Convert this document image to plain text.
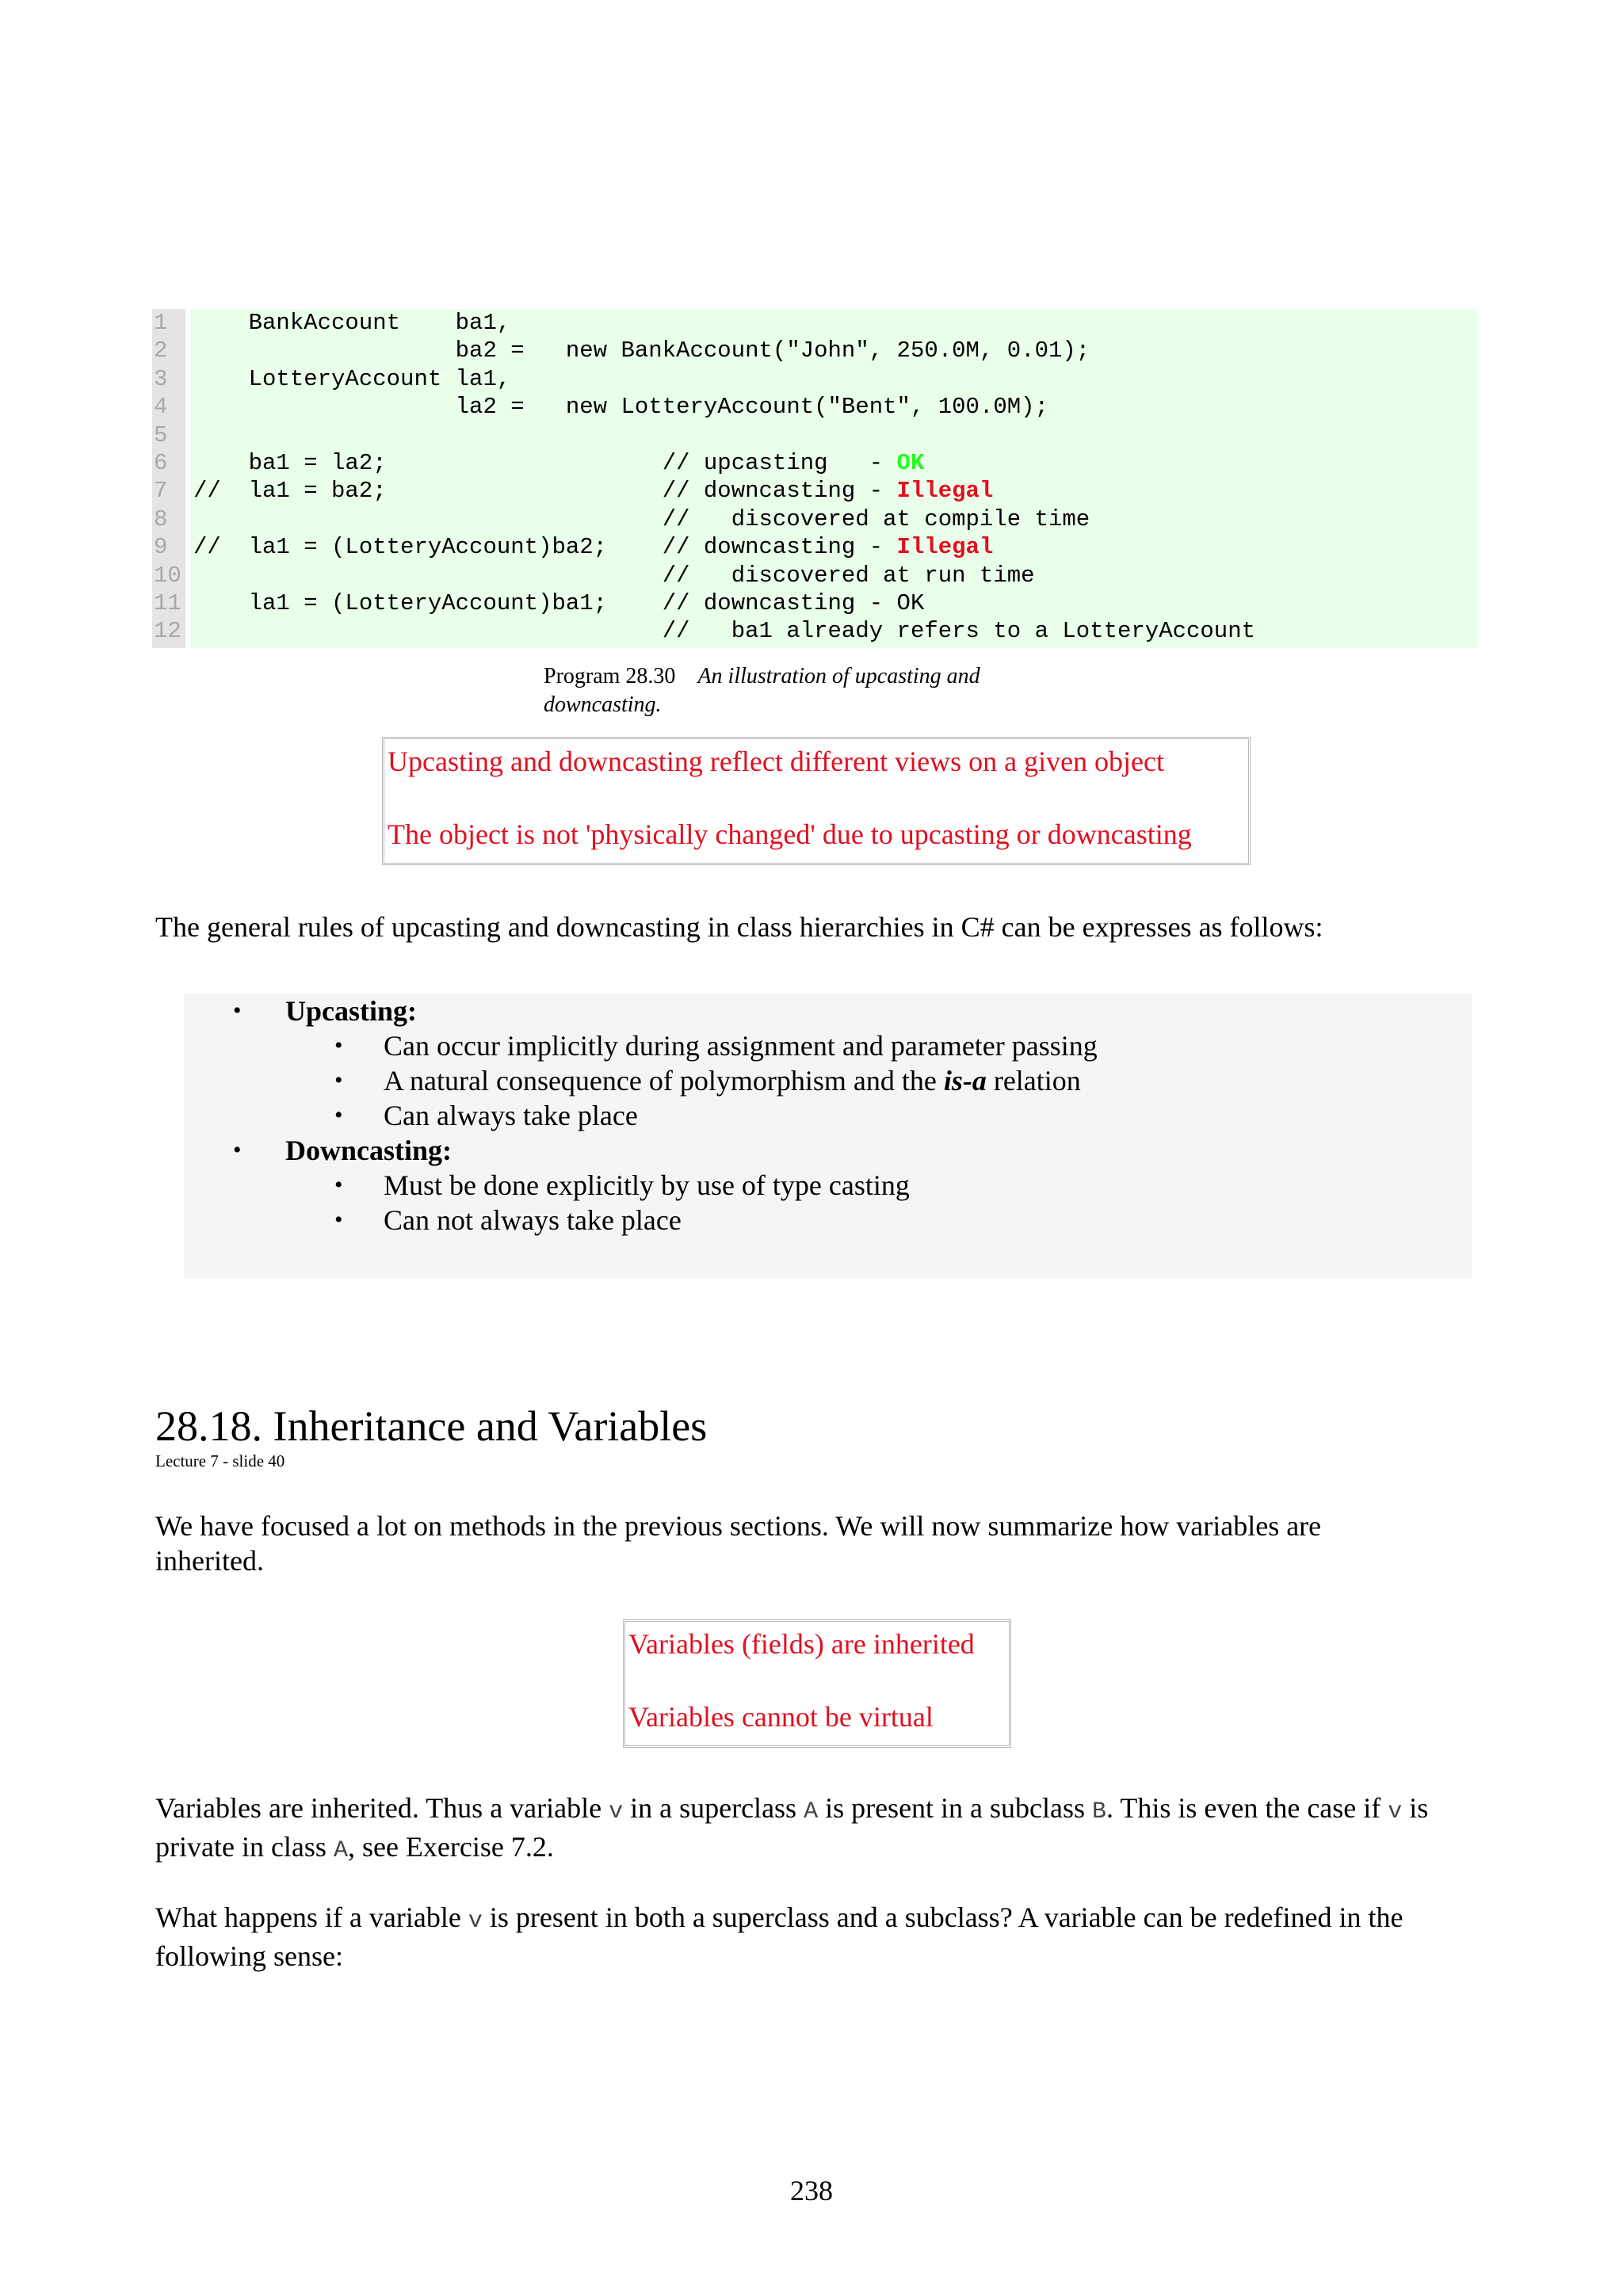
1 BankAccount    ba1,
2 ba2 =   new BankAccount("John", 250.0M, 0.01);
3 LotteryAccount la1,
4 la2 =   new LotteryAccount("Bent", 100.0M);
5
6 ba1 = la2;                    // upcasting   - OK
7 //  la1 = ba2;                    // downcasting - Illegal
8 //   discovered at compile time
9 //  la1 = (LotteryAccount)ba2;    // downcasting - Illegal
10 //   discovered at run time
11 la1 = (LotteryAccount)ba1;    // downcasting - OK
12 //   ba1 already refers to a LotteryAccount
Program 28.30 An illustration of upcasting and downcasting.

Upcasting and downcasting reflect different views on a given object

The object is not 'physically changed' due to upcasting or downcasting

The general rules of upcasting and downcasting in class hierarchies in C# can be expresses as follows:
• Upcasting:
• Can occur implicitly during assignment and parameter passing
• A natural consequence of polymorphism and the is-a relation
• Can always take place
• Downcasting:
• Must be done explicitly by use of type casting
• Can not always take place
28.18. Inheritance and Variables
Lecture 7 - slide 40
We have focused a lot on methods in the previous sections. We will now summarize how variables are inherited.

Variables (fields) are inherited

Variables cannot be virtual

Variables are inherited. Thus a variable v in a superclass A is present in a subclass B. This is even the case if v is private in class A, see Exercise 7.2.
What happens if a variable v is present in both a superclass and a subclass? A variable can be redefined in the following sense:
238
